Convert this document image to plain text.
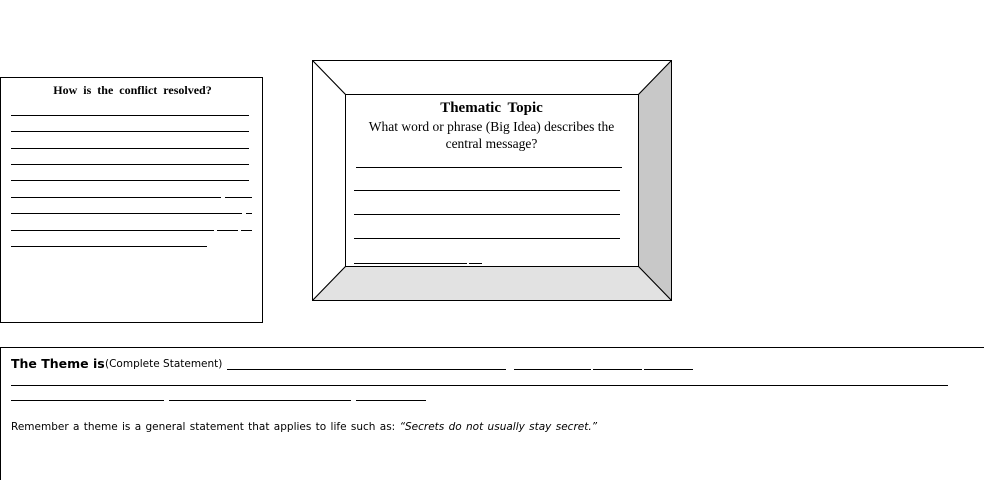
How is the conflict resolved?
Thematic Topic
What word or phrase (Big Idea) describes the central message?
The Theme is (Complete Statement)
Remember a theme is a general statement that applies to life such as: “Secrets do not usually stay secret.”
